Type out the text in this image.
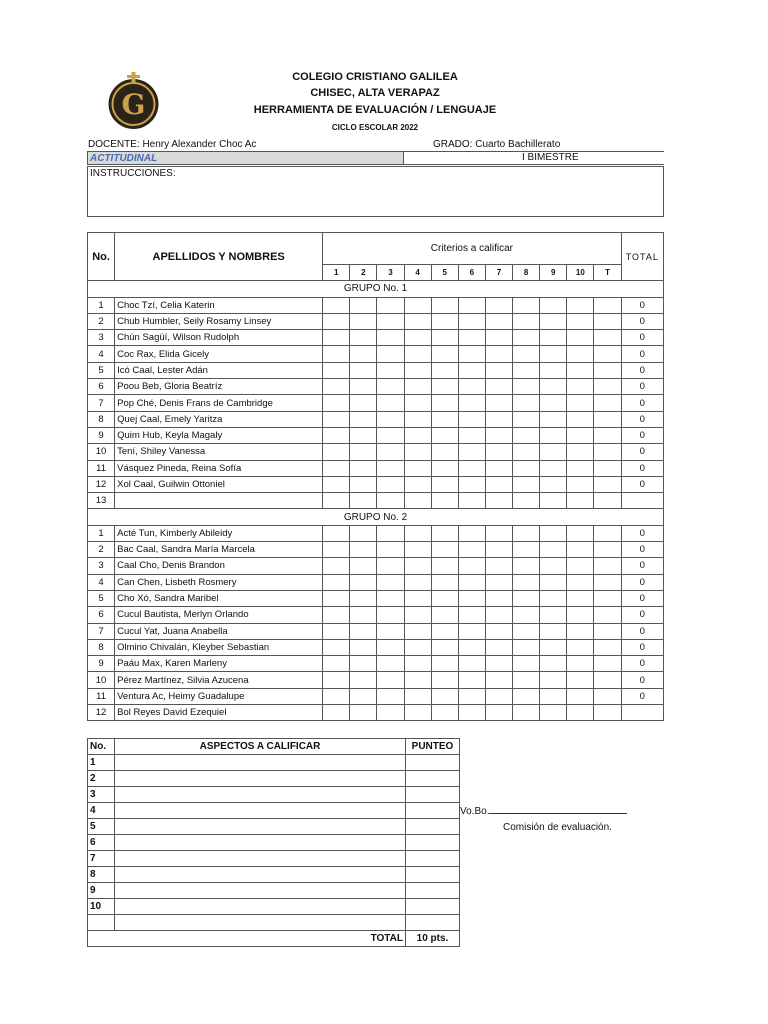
G
COLEGIO CRISTIANO GALILEA
CHISEC, ALTA VERAPAZ
HERRAMIENTA DE EVALUACIÓN / LENGUAJE
CICLO ESCOLAR 2022
DOCENTE: Henry Alexander Choc Ac	GRADO: Cuarto Bachillerato
ACTITUDINAL	I BIMESTRE
INSTRUCCIONES:
No.	APELLIDOS Y NOMBRES	Criterios a calificar											TOTAL
		1	2	3	4	5	6	7	8	9	10	T	
GRUPO No. 1													
1	Choc Tzí, Celia Katerin												0
2	Chub Humbler, Seily Rosamy Linsey												0
3	Chún Sagüí, Wilson Rudolph												0
4	Coc Rax, Elida Gicely												0
5	Icó Caal, Lester Adán												0
6	Poou Beb, Gloria Beatríz												0
7	Pop Ché, Denis Frans de Cambridge												0
8	Quej Caal, Emely Yaritza												0
9	Quim Hub, Keyla Magaly												0
10	Tení, Shiley Vanessa												0
11	Vásquez Pineda, Reina Sofía												0
12	Xol Caal, Guilwin Ottoniel												0
13													
GRUPO No. 2													
1	Acté Tun, Kimberly Abileidy												0
2	Bac Caal, Sandra María Marcela												0
3	Caal Cho, Denis Brandon												0
4	Can Chen, Lisbeth Rosmery												0
5	Cho Xó, Sandra Maribel												0
6	Cucul Bautista, Merlyn Orlando												0
7	Cucul Yat, Juana Anabella												0
8	Olmino Chivalán, Kleyber Sebastian												0
9	Paáu Max, Karen Marleny												0
10	Pérez Martínez, Silvia Azucena												0
11	Ventura Ac, Heimy Guadalupe												0
12	Bol Reyes David Ezequiel												
No.	ASPECTOS A CALIFICAR	PUNTEO
1		
2		
3		
4		
5		
6		
7		
8		
9		
10		

TOTAL		10 pts.
Vo.Bo.
Comisión de evaluación.
